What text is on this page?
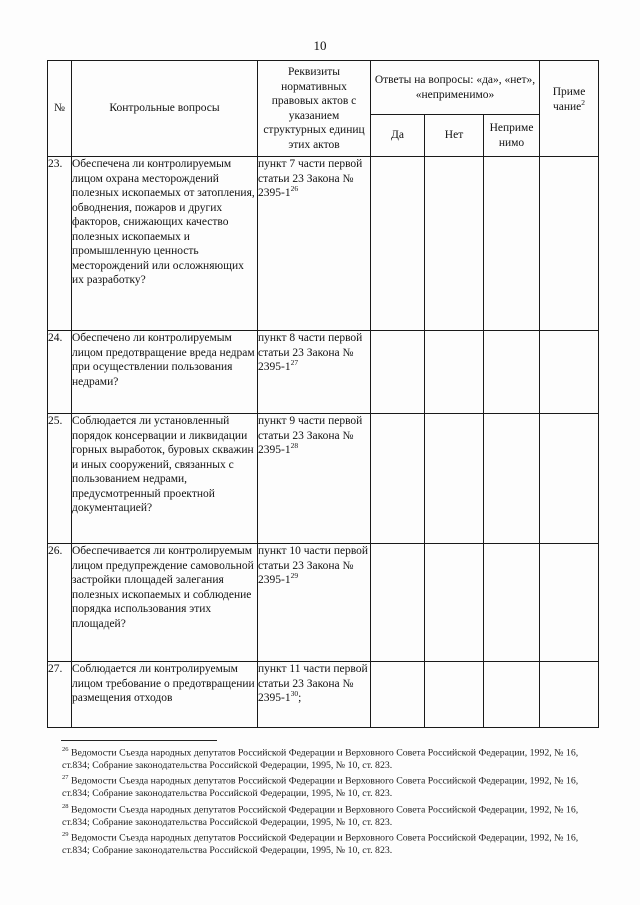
10
№	Контрольные вопросы	Реквизиты нормативных правовых актов с указанием структурных единиц этих актов	Ответы на вопросы: «да», «нет», «неприменимо»			Приме чание$^2$
			Да	Нет	Неприме нимо	
23.	Обеспечена ли контролируемым лицом охрана месторождений полезных ископаемых от затопления, обводнения, пожаров и других факторов, снижающих качество полезных ископаемых и промышленную ценность месторождений или осложняющих их разработку?	пункт 7 части первой статьи 23 Закона № 2395-1$^{26}$				
24.	Обеспечено ли контролируемым лицом предотвращение вреда недрам при осуществлении пользования недрами?	пункт 8 части первой статьи 23 Закона № 2395-1$^{27}$				
25.	Соблюдается ли установленный порядок консервации и ликвидации горных выработок, буровых скважин и иных сооружений, связанных с пользованием недрами, предусмотренный проектной документацией?	пункт 9 части первой статьи 23 Закона № 2395-1$^{28}$				
26.	Обеспечивается ли контролируемым лицом предупреждение самовольной застройки площадей залегания полезных ископаемых и соблюдение порядка использования этих площадей?	пункт 10 части первой статьи 23 Закона № 2395-1$^{29}$				
27.	Соблюдается ли контролируемым лицом требование о предотвращении размещения отходов	пункт 11 части первой статьи 23 Закона № 2395-1$^{30}$;				

$^{26}$ Ведомости Съезда народных депутатов Российской Федерации и Верховного Совета Российской Федерации, 1992, № 16, ст.834; Собрание законодательства Российской Федерации, 1995, № 10, ст. 823.

$^{27}$ Ведомости Съезда народных депутатов Российской Федерации и Верховного Совета Российской Федерации, 1992, № 16, ст.834; Собрание законодательства Российской Федерации, 1995, № 10, ст. 823.

$^{28}$ Ведомости Съезда народных депутатов Российской Федерации и Верховного Совета Российской Федерации, 1992, № 16, ст.834; Собрание законодательства Российской Федерации, 1995, № 10, ст. 823.

$^{29}$ Ведомости Съезда народных депутатов Российской Федерации и Верховного Совета Российской Федерации, 1992, № 16, ст.834; Собрание законодательства Российской Федерации, 1995, № 10, ст. 823.
